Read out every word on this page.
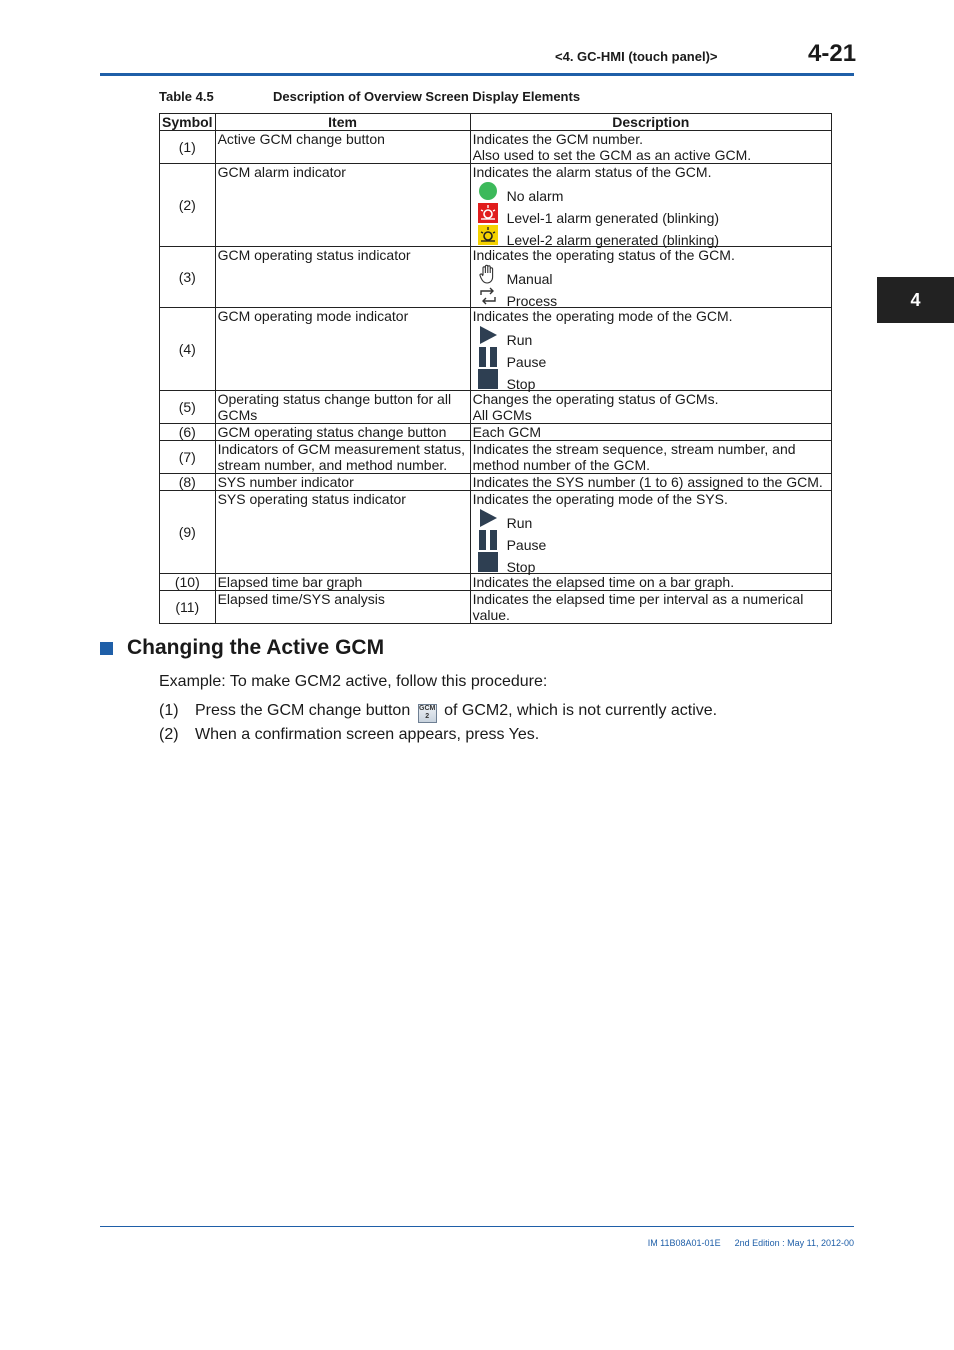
<4. GC-HMI (touch panel)>	4-21
4
Table 4.5	Description of Overview Screen Display Elements
Symbol	Item	Description
(1)	Active GCM change button	Indicates the GCM number.
Also used to set the GCM as an active GCM.

(2)	GCM alarm indicator	Indicates the alarm status of the GCM.
No alarm
Level-1 alarm generated (blinking)
Level-2 alarm generated (blinking)

(3)	GCM operating status indicator	Indicates the operating status of the GCM.
Manual
Process

(4)	GCM operating mode indicator	Indicates the operating mode of the GCM.
Run
Pause
Stop

(5)	Operating status change button for all GCMs	Changes the operating status of GCMs.
All GCMs

(6)	GCM operating status change button	Each GCM

(7)	Indicators of GCM measurement status, stream number, and method number.	Indicates the stream sequence, stream number, and method number of the GCM.

(8)	SYS number indicator	Indicates the SYS number (1 to 6) assigned to the GCM.

(9)	SYS operating status indicator	Indicates the operating mode of the SYS.
Run
Pause
Stop

(10)	Elapsed time bar graph	Indicates the elapsed time on a bar graph.

(11)	Elapsed time/SYS analysis	Indicates the elapsed time per interval as a numerical value.
Changing the Active GCM
Example: To make GCM2 active, follow this procedure:
(1) Press the GCM change button GCM
2 of GCM2, which is not currently active.
(2) When a confirmation screen appears, press Yes.
IM 11B08A01-01E 2nd Edition : May 11, 2012-00
